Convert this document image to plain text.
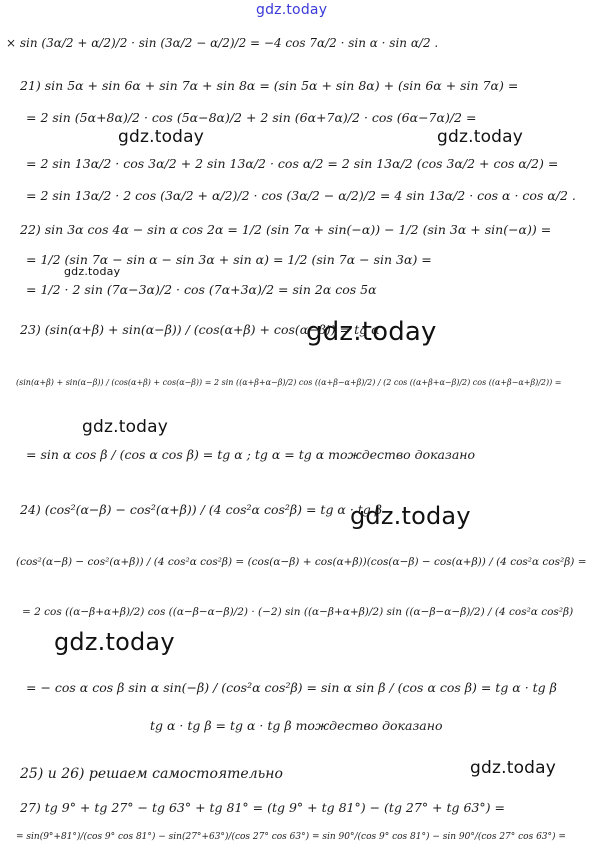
gdz.today
× sin (3α/2 + α/2)/2 · sin (3α/2 − α/2)/2 = −4 cos 7α/2 · sin α · sin α/2 .
21) sin 5α + sin 6α + sin 7α + sin 8α = (sin 5α + sin 8α) + (sin 6α + sin 7α) =
= 2 sin (5α+8α)/2 · cos (5α−8α)/2 + 2 sin (6α+7α)/2 · cos (6α−7α)/2 =
gdz.today	gdz.today
= 2 sin 13α/2 · cos 3α/2 + 2 sin 13α/2 · cos α/2 = 2 sin 13α/2 (cos 3α/2 + cos α/2) =
= 2 sin 13α/2 · 2 cos (3α/2 + α/2)/2 · cos (3α/2 − α/2)/2 = 4 sin 13α/2 · cos α · cos α/2 .
22) sin 3α cos 4α − sin α cos 2α = 1/2 (sin 7α + sin(−α)) − 1/2 (sin 3α + sin(−α)) =
= 1/2 (sin 7α − sin α − sin 3α + sin α) = 1/2 (sin 7α − sin 3α) =
gdz.today
= 1/2 · 2 sin (7α−3α)/2 · cos (7α+3α)/2 = sin 2α cos 5α
23) (sin(α+β) + sin(α−β)) / (cos(α+β) + cos(α−β)) = tg α
gdz.today
(sin(α+β) + sin(α−β)) / (cos(α+β) + cos(α−β)) = 2 sin ((α+β+α−β)/2) cos ((α+β−α+β)/2) / (2 cos ((α+β+α−β)/2) cos ((α+β−α+β)/2)) =
gdz.today
= sin α cos β / (cos α cos β) = tg α ; tg α = tg α тождество доказано
24) (cos²(α−β) − cos²(α+β)) / (4 cos²α cos²β) = tg α · tg β
gdz.today
(cos²(α−β) − cos²(α+β)) / (4 cos²α cos²β) = (cos(α−β) + cos(α+β))(cos(α−β) − cos(α+β)) / (4 cos²α cos²β) =
= 2 cos ((α−β+α+β)/2) cos ((α−β−α−β)/2) · (−2) sin ((α−β+α+β)/2) sin ((α−β−α−β)/2) / (4 cos²α cos²β)
gdz.today
= − cos α cos β sin α sin(−β) / (cos²α cos²β) = sin α sin β / (cos α cos β) = tg α · tg β
tg α · tg β = tg α · tg β тождество доказано
25) и 26) решаем самостоятельно	gdz.today
27) tg 9° + tg 27° − tg 63° + tg 81° = (tg 9° + tg 81°) − (tg 27° + tg 63°) =
= sin(9°+81°)/(cos 9° cos 81°) − sin(27°+63°)/(cos 27° cos 63°) = sin 90°/(cos 9° cos 81°) − sin 90°/(cos 27° cos 63°) =
